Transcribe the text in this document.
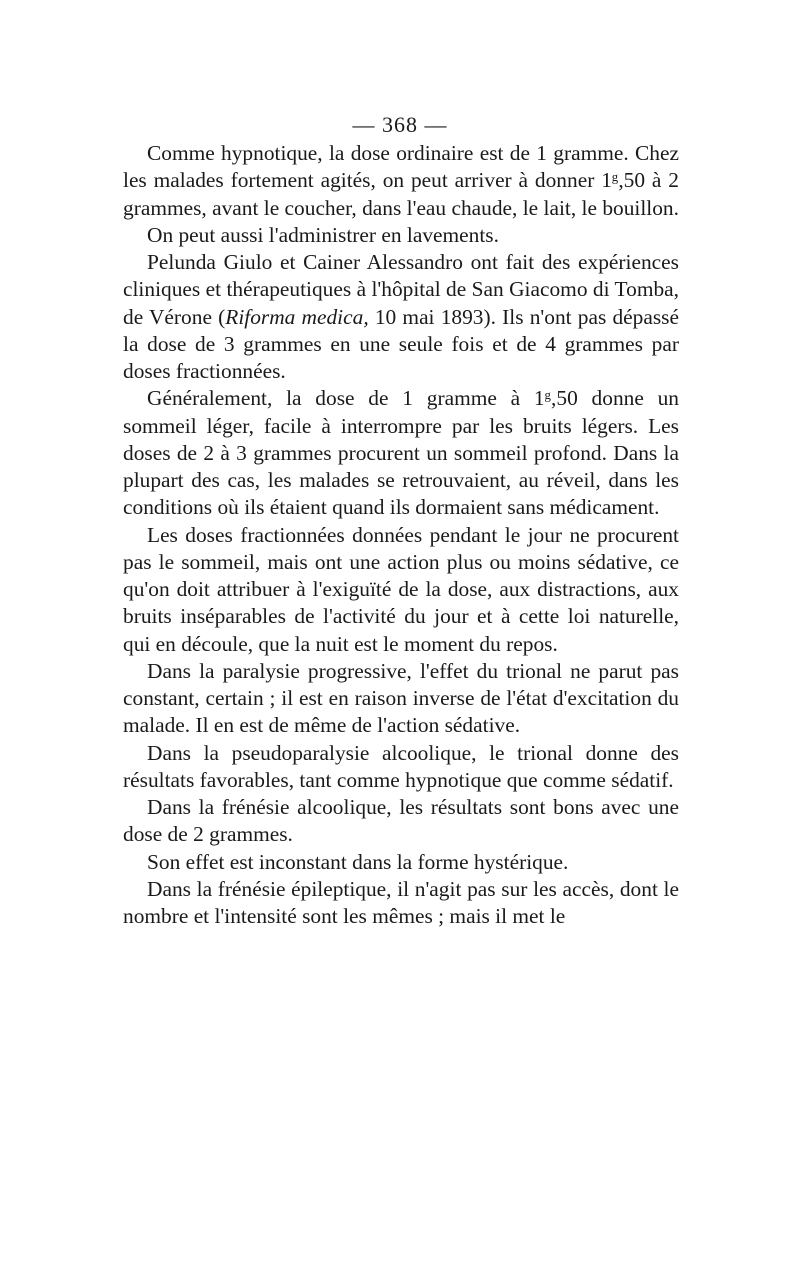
— 368 —

Comme hypnotique, la dose ordinaire est de 1 gramme. Chez les malades fortement agités, on peut arriver à donner 1ᵍ,50 à 2 grammes, avant le coucher, dans l'eau chaude, le lait, le bouillon.

On peut aussi l'administrer en lavements.

Pelunda Giulo et Cainer Alessandro ont fait des expériences cliniques et thérapeutiques à l'hôpital de San Giacomo di Tomba, de Vérone (Riforma medica, 10 mai 1893). Ils n'ont pas dépassé la dose de 3 grammes en une seule fois et de 4 grammes par doses fractionnées.

Généralement, la dose de 1 gramme à 1ᵍ,50 donne un sommeil léger, facile à interrompre par les bruits légers. Les doses de 2 à 3 grammes procurent un sommeil profond. Dans la plupart des cas, les malades se retrouvaient, au réveil, dans les conditions où ils étaient quand ils dormaient sans médicament.

Les doses fractionnées données pendant le jour ne procurent pas le sommeil, mais ont une action plus ou moins sédative, ce qu'on doit attribuer à l'exiguïté de la dose, aux distractions, aux bruits inséparables de l'activité du jour et à cette loi naturelle, qui en découle, que la nuit est le moment du repos.

Dans la paralysie progressive, l'effet du trional ne parut pas constant, certain ; il est en raison inverse de l'état d'excitation du malade. Il en est de même de l'action sédative.

Dans la pseudoparalysie alcoolique, le trional donne des résultats favorables, tant comme hypnotique que comme sédatif.

Dans la frénésie alcoolique, les résultats sont bons avec une dose de 2 grammes.

Son effet est inconstant dans la forme hystérique.

Dans la frénésie épileptique, il n'agit pas sur les accès, dont le nombre et l'intensité sont les mêmes ; mais il met le
